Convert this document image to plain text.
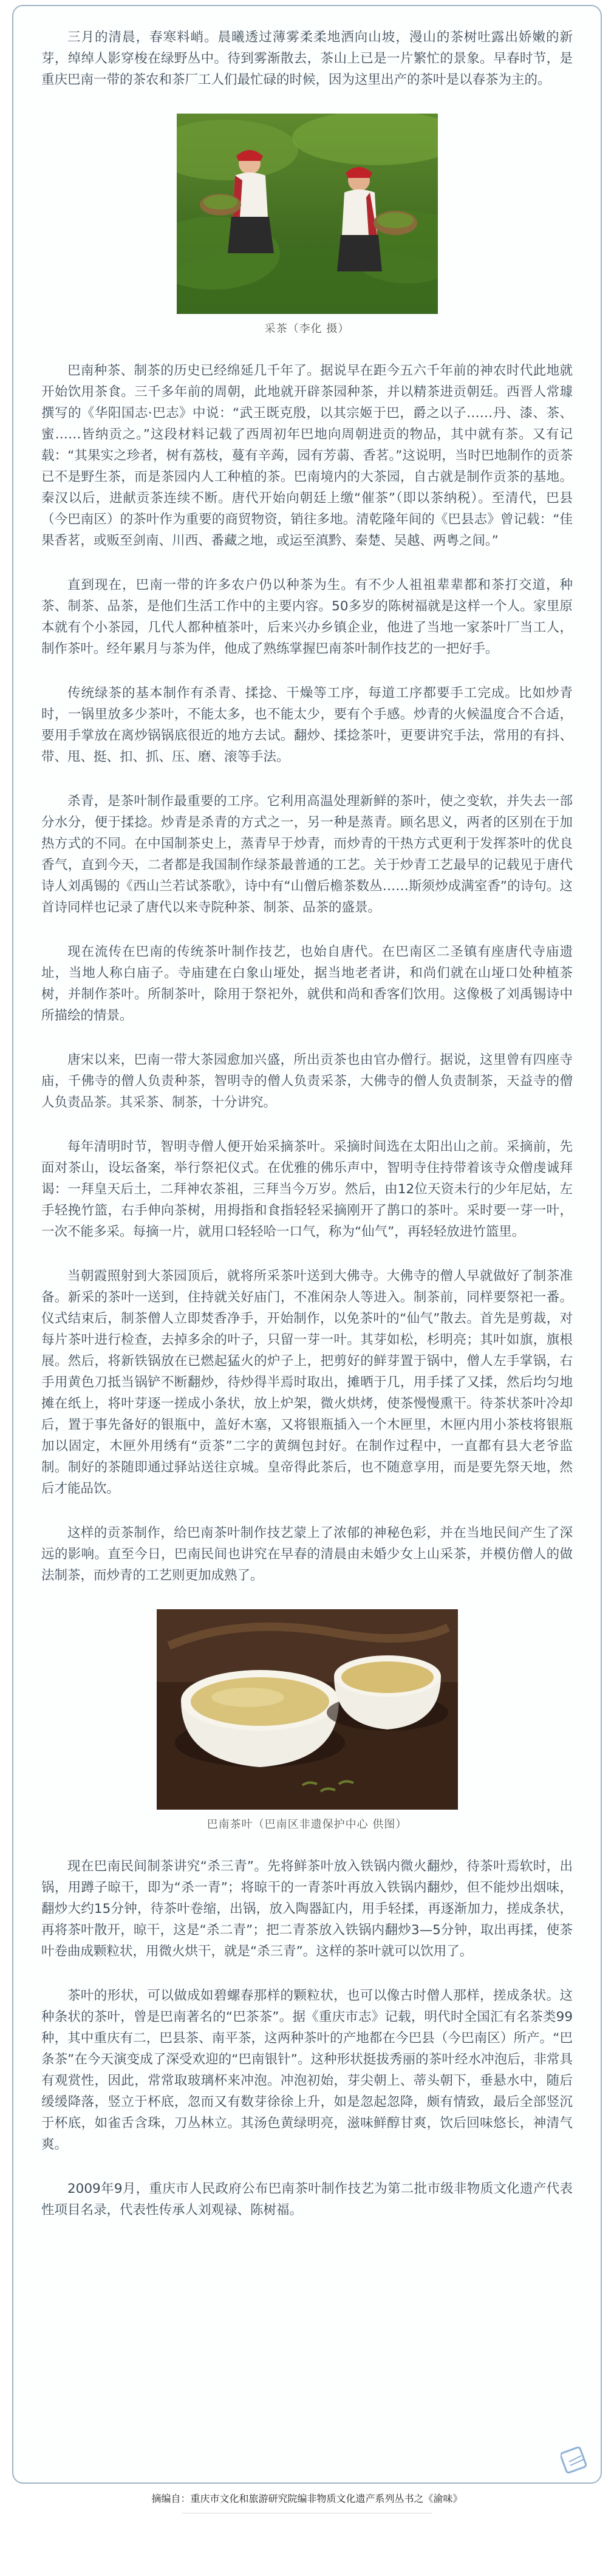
三月的清晨，春寒料峭。晨曦透过薄雾柔柔地洒向山坡，漫山的茶树吐露出娇嫩的新芽，绰绰人影穿梭在绿野丛中。待到雾渐散去，茶山上已是一片繁忙的景象。早春时节，是重庆巴南一带的茶农和茶厂工人们最忙碌的时候，因为这里出产的茶叶是以春茶为主的。

采茶（李化 摄）

巴南种茶、制茶的历史已经绵延几千年了。据说早在距今五六千年前的神农时代此地就开始饮用茶食。三千多年前的周朝，此地就开辟茶园种茶，并以精茶进贡朝廷。西晋人常璩撰写的《华阳国志·巴志》中说：“武王既克殷，以其宗姬于巴，爵之以子……丹、漆、茶、蜜……皆纳贡之。”这段材料记载了西周初年巴地向周朝进贡的物品，其中就有茶。又有记载：“其果实之珍者，树有荔枝，蔓有辛蒟，园有芳蒻、香茗。”这说明，当时巴地制作的贡茶已不是野生茶，而是茶园内人工种植的茶。巴南境内的大茶园，自古就是制作贡茶的基地。秦汉以后，进献贡茶连续不断。唐代开始向朝廷上缴“催茶”（即以茶纳税）。至清代，巴县（今巴南区）的茶叶作为重要的商贸物资，销往多地。清乾隆年间的《巴县志》曾记载：“佳果香茗，或贩至剑南、川西、番藏之地，或运至滇黔、秦楚、吴越、两粤之间。”

直到现在，巴南一带的许多农户仍以种茶为生。有不少人祖祖辈辈都和茶打交道，种茶、制茶、品茶，是他们生活工作中的主要内容。50多岁的陈树福就是这样一个人。家里原本就有个小茶园，几代人都种植茶叶，后来兴办乡镇企业，他进了当地一家茶叶厂当工人，制作茶叶。经年累月与茶为伴，他成了熟练掌握巴南茶叶制作技艺的一把好手。

传统绿茶的基本制作有杀青、揉捻、干燥等工序，每道工序都要手工完成。比如炒青时，一锅里放多少茶叶，不能太多，也不能太少，要有个手感。炒青的火候温度合不合适，要用手掌放在离炒锅锅底很近的地方去试。翻炒、揉捻茶叶，更要讲究手法，常用的有抖、带、甩、挺、扣、抓、压、磨、滚等手法。

杀青，是茶叶制作最重要的工序。它利用高温处理新鲜的茶叶，使之变软，并失去一部分水分，便于揉捻。炒青是杀青的方式之一，另一种是蒸青。顾名思义，两者的区别在于加热方式的不同。在中国制茶史上，蒸青早于炒青，而炒青的干热方式更利于发挥茶叶的优良香气，直到今天，二者都是我国制作绿茶最普通的工艺。关于炒青工艺最早的记载见于唐代诗人刘禹锡的《西山兰若试茶歌》，诗中有“山僧后檐茶数丛……斯须炒成满室香”的诗句。这首诗同样也记录了唐代以来寺院种茶、制茶、品茶的盛景。

现在流传在巴南的传统茶叶制作技艺，也始自唐代。在巴南区二圣镇有座唐代寺庙遗址，当地人称白庙子。寺庙建在白象山垭处，据当地老者讲，和尚们就在山垭口处种植茶树，并制作茶叶。所制茶叶，除用于祭祀外，就供和尚和香客们饮用。这像极了刘禹锡诗中所描绘的情景。

唐宋以来，巴南一带大茶园愈加兴盛，所出贡茶也由官办僧行。据说，这里曾有四座寺庙，千佛寺的僧人负责种茶，智明寺的僧人负责采茶，大佛寺的僧人负责制茶，天益寺的僧人负责品茶。其采茶、制茶，十分讲究。

每年清明时节，智明寺僧人便开始采摘茶叶。采摘时间选在太阳出山之前。采摘前，先面对茶山，设坛备案，举行祭祀仪式。在优雅的佛乐声中，智明寺住持带着该寺众僧虔诚拜谒：一拜皇天后土，二拜神农茶祖，三拜当今万岁。然后，由12位天资未行的少年尼姑，左手轻挽竹篮，右手伸向茶树，用拇指和食指轻轻采摘刚开了鹊口的茶叶。采时要一芽一叶，一次不能多采。每摘一片，就用口轻轻哈一口气，称为“仙气”，再轻轻放进竹篮里。

当朝霞照射到大茶园顶后，就将所采茶叶送到大佛寺。大佛寺的僧人早就做好了制茶准备。新采的茶叶一送到，住持就关好庙门，不准闲杂人等进入。制茶前，同样要祭祀一番。仪式结束后，制茶僧人立即焚香净手，开始制作，以免茶叶的“仙气”散去。首先是剪裁，对每片茶叶进行检查，去掉多余的叶子，只留一芽一叶。其芽如松，杉明亮；其叶如旗，旗根展。然后，将新铁锅放在已燃起猛火的炉子上，把剪好的鲜芽置于锅中，僧人左手掌锅，右手用黄色刀抵当锅铲不断翻炒，待炒得半焉时取出，摊晒于几，用手揉了又揉，然后均匀地摊在纸上，将叶芽逐一搓成小条状，放上炉架，微火烘烤，使茶慢慢熏干。待茶状茶叶冷却后，置于事先备好的银瓶中，盖好木塞，又将银瓶插入一个木匣里，木匣内用小茶枝将银瓶加以固定，木匣外用绣有“贡茶”二字的黄绸包封好。在制作过程中，一直都有县大老爷监制。制好的茶随即通过驿站送往京城。皇帝得此茶后，也不随意享用，而是要先祭天地，然后才能品饮。

这样的贡茶制作，给巴南茶叶制作技艺蒙上了浓郁的神秘色彩，并在当地民间产生了深远的影响。直至今日，巴南民间也讲究在早春的清晨由未婚少女上山采茶，并模仿僧人的做法制茶，而炒青的工艺则更加成熟了。

巴南茶叶（巴南区非遗保护中心 供图）

现在巴南民间制茶讲究“杀三青”。先将鲜茶叶放入铁锅内微火翻炒，待茶叶焉软时，出锅，用蹲子晾干，即为“杀一青”；将晾干的一青茶叶再放入铁锅内翻炒，但不能炒出烟味，翻炒大约15分钟，待茶叶卷缩，出锅，放入陶器缸内，用手轻揉，再逐渐加力，搓成条状，再将茶叶散开，晾干，这是“杀二青”；把二青茶放入铁锅内翻炒3—5分钟，取出再揉，使茶叶卷曲成颗粒状，用微火烘干，就是“杀三青”。这样的茶叶就可以饮用了。

茶叶的形状，可以做成如碧螺春那样的颗粒状，也可以像古时僧人那样，搓成条状。这种条状的茶叶，曾是巴南著名的“巴茶茶”。据《重庆市志》记载，明代时全国汇有名茶类99种，其中重庆有二，巴县茶、南平茶，这两种茶叶的产地都在今巴县（今巴南区）所产。“巴条茶”在今天演变成了深受欢迎的“巴南银针”。这种形状挺拔秀丽的茶叶经水冲泡后，非常具有观赏性，因此，常常取玻璃杯来冲泡。冲泡初始，芽尖朝上、蒂头朝下，垂悬水中，随后缓缓降落，竖立于杯底，忽而又有数芽徐徐上升，如是忽起忽降，颇有情致，最后全部竖沉于杯底，如雀舌含珠，刀丛林立。其汤色黄绿明亮，滋味鲜醇甘爽，饮后回味悠长，神清气爽。

2009年9月，重庆市人民政府公布巴南茶叶制作技艺为第二批市级非物质文化遗产代表性项目名录，代表性传承人刘观禄、陈树福。

摘编自：重庆市文化和旅游研究院编非物质文化遗产系列丛书之《渝味》
